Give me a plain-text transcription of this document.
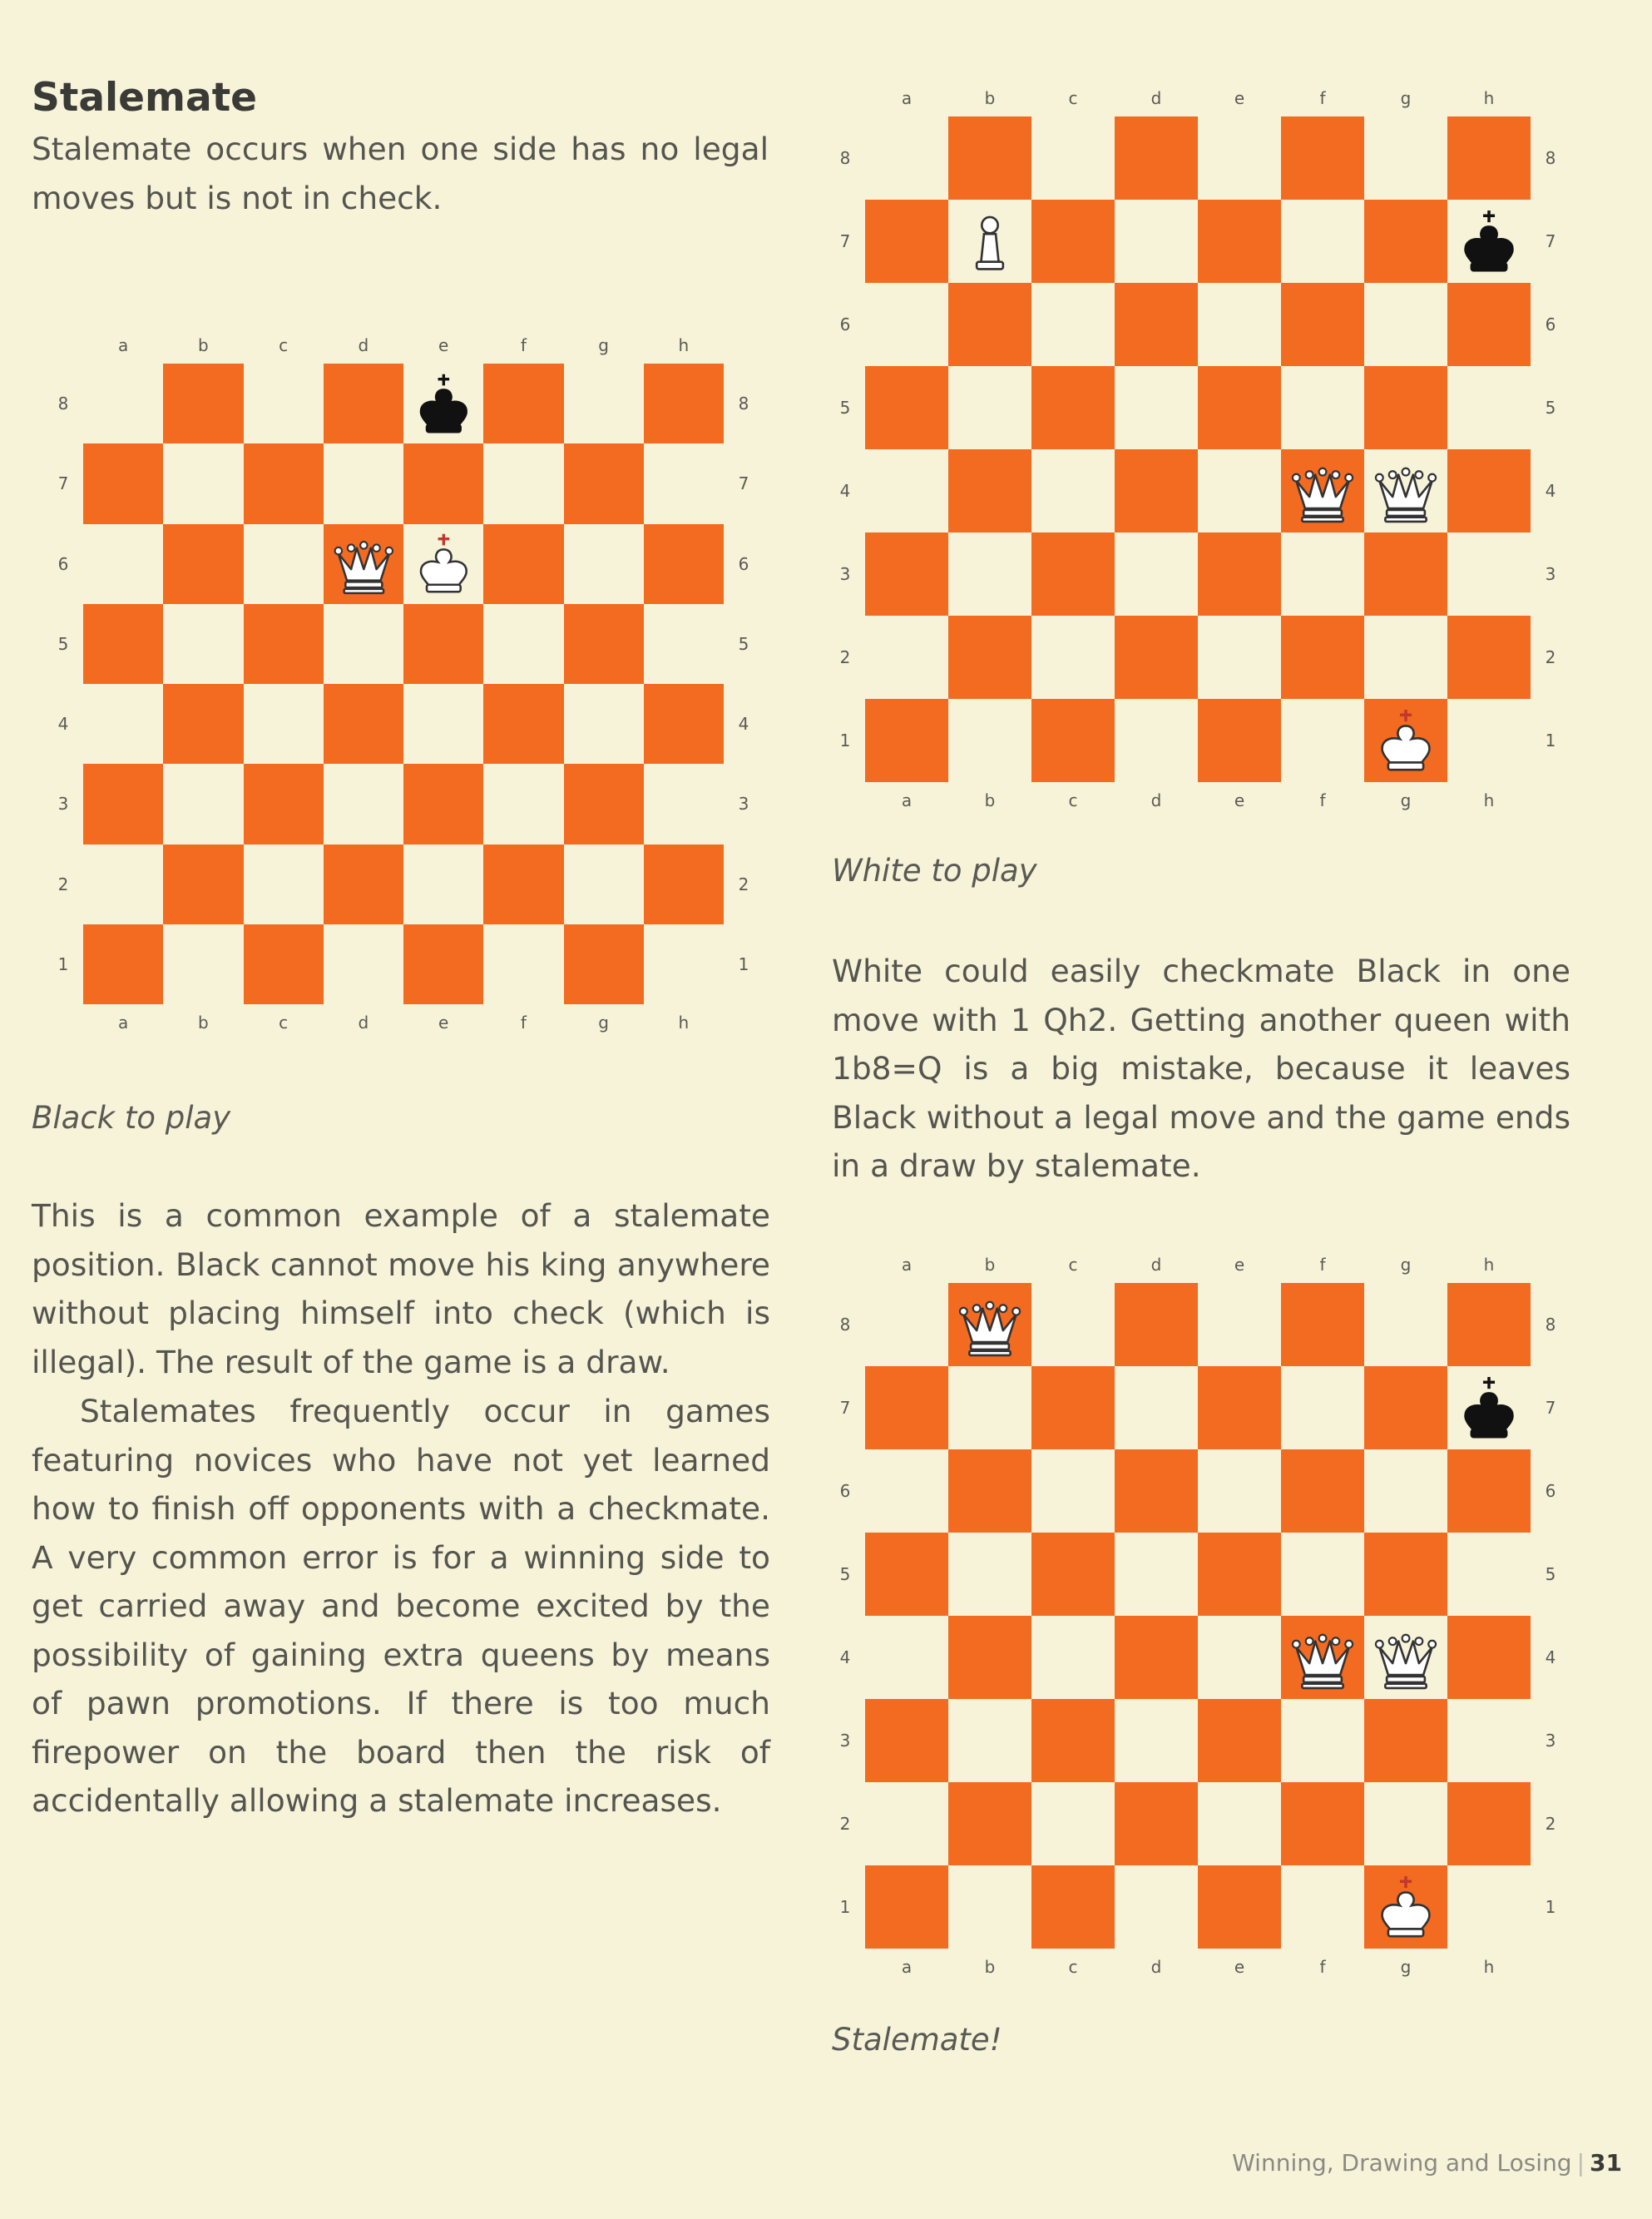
Stalemate

Stalemate occurs when one side has no legal moves but is not in check.

a
a
b
b
c
c
d
d
e
e
f
f
g
g
h
h
8	8
7	7
6	6
5	5
4	4
3	3
2	2
1	1

Black to play

This is a common example of a stalemate position. Black cannot move his king anywhere without placing himself into check (which is illegal). The result of the game is a draw.

Stalemates frequently occur in games featuring novices who have not yet learned how to finish off opponents with a checkmate. A very common error is for a winning side to get carried away and become excited by the possibility of gaining extra queens by means of pawn promotions. If there is too much firepower on the board then the risk of accidentally allowing a stalemate increases.

a
a
b
b
c
c
d
d
e
e
f
f
g
g
h
h
8	8
7	7
6	6
5	5
4	4
3	3
2	2
1	1

White to play

White could easily checkmate Black in one move with 1 Qh2. Getting another queen with 1b8=Q is a big mistake, because it leaves Black without a legal move and the game ends in a draw by stalemate.

a
a
b
b
c
c
d
d
e
e
f
f
g
g
h
h
8	8
7	7
6	6
5	5
4	4
3	3
2	2
1	1

Stalemate!

Winning, Drawing and Losing | 31
